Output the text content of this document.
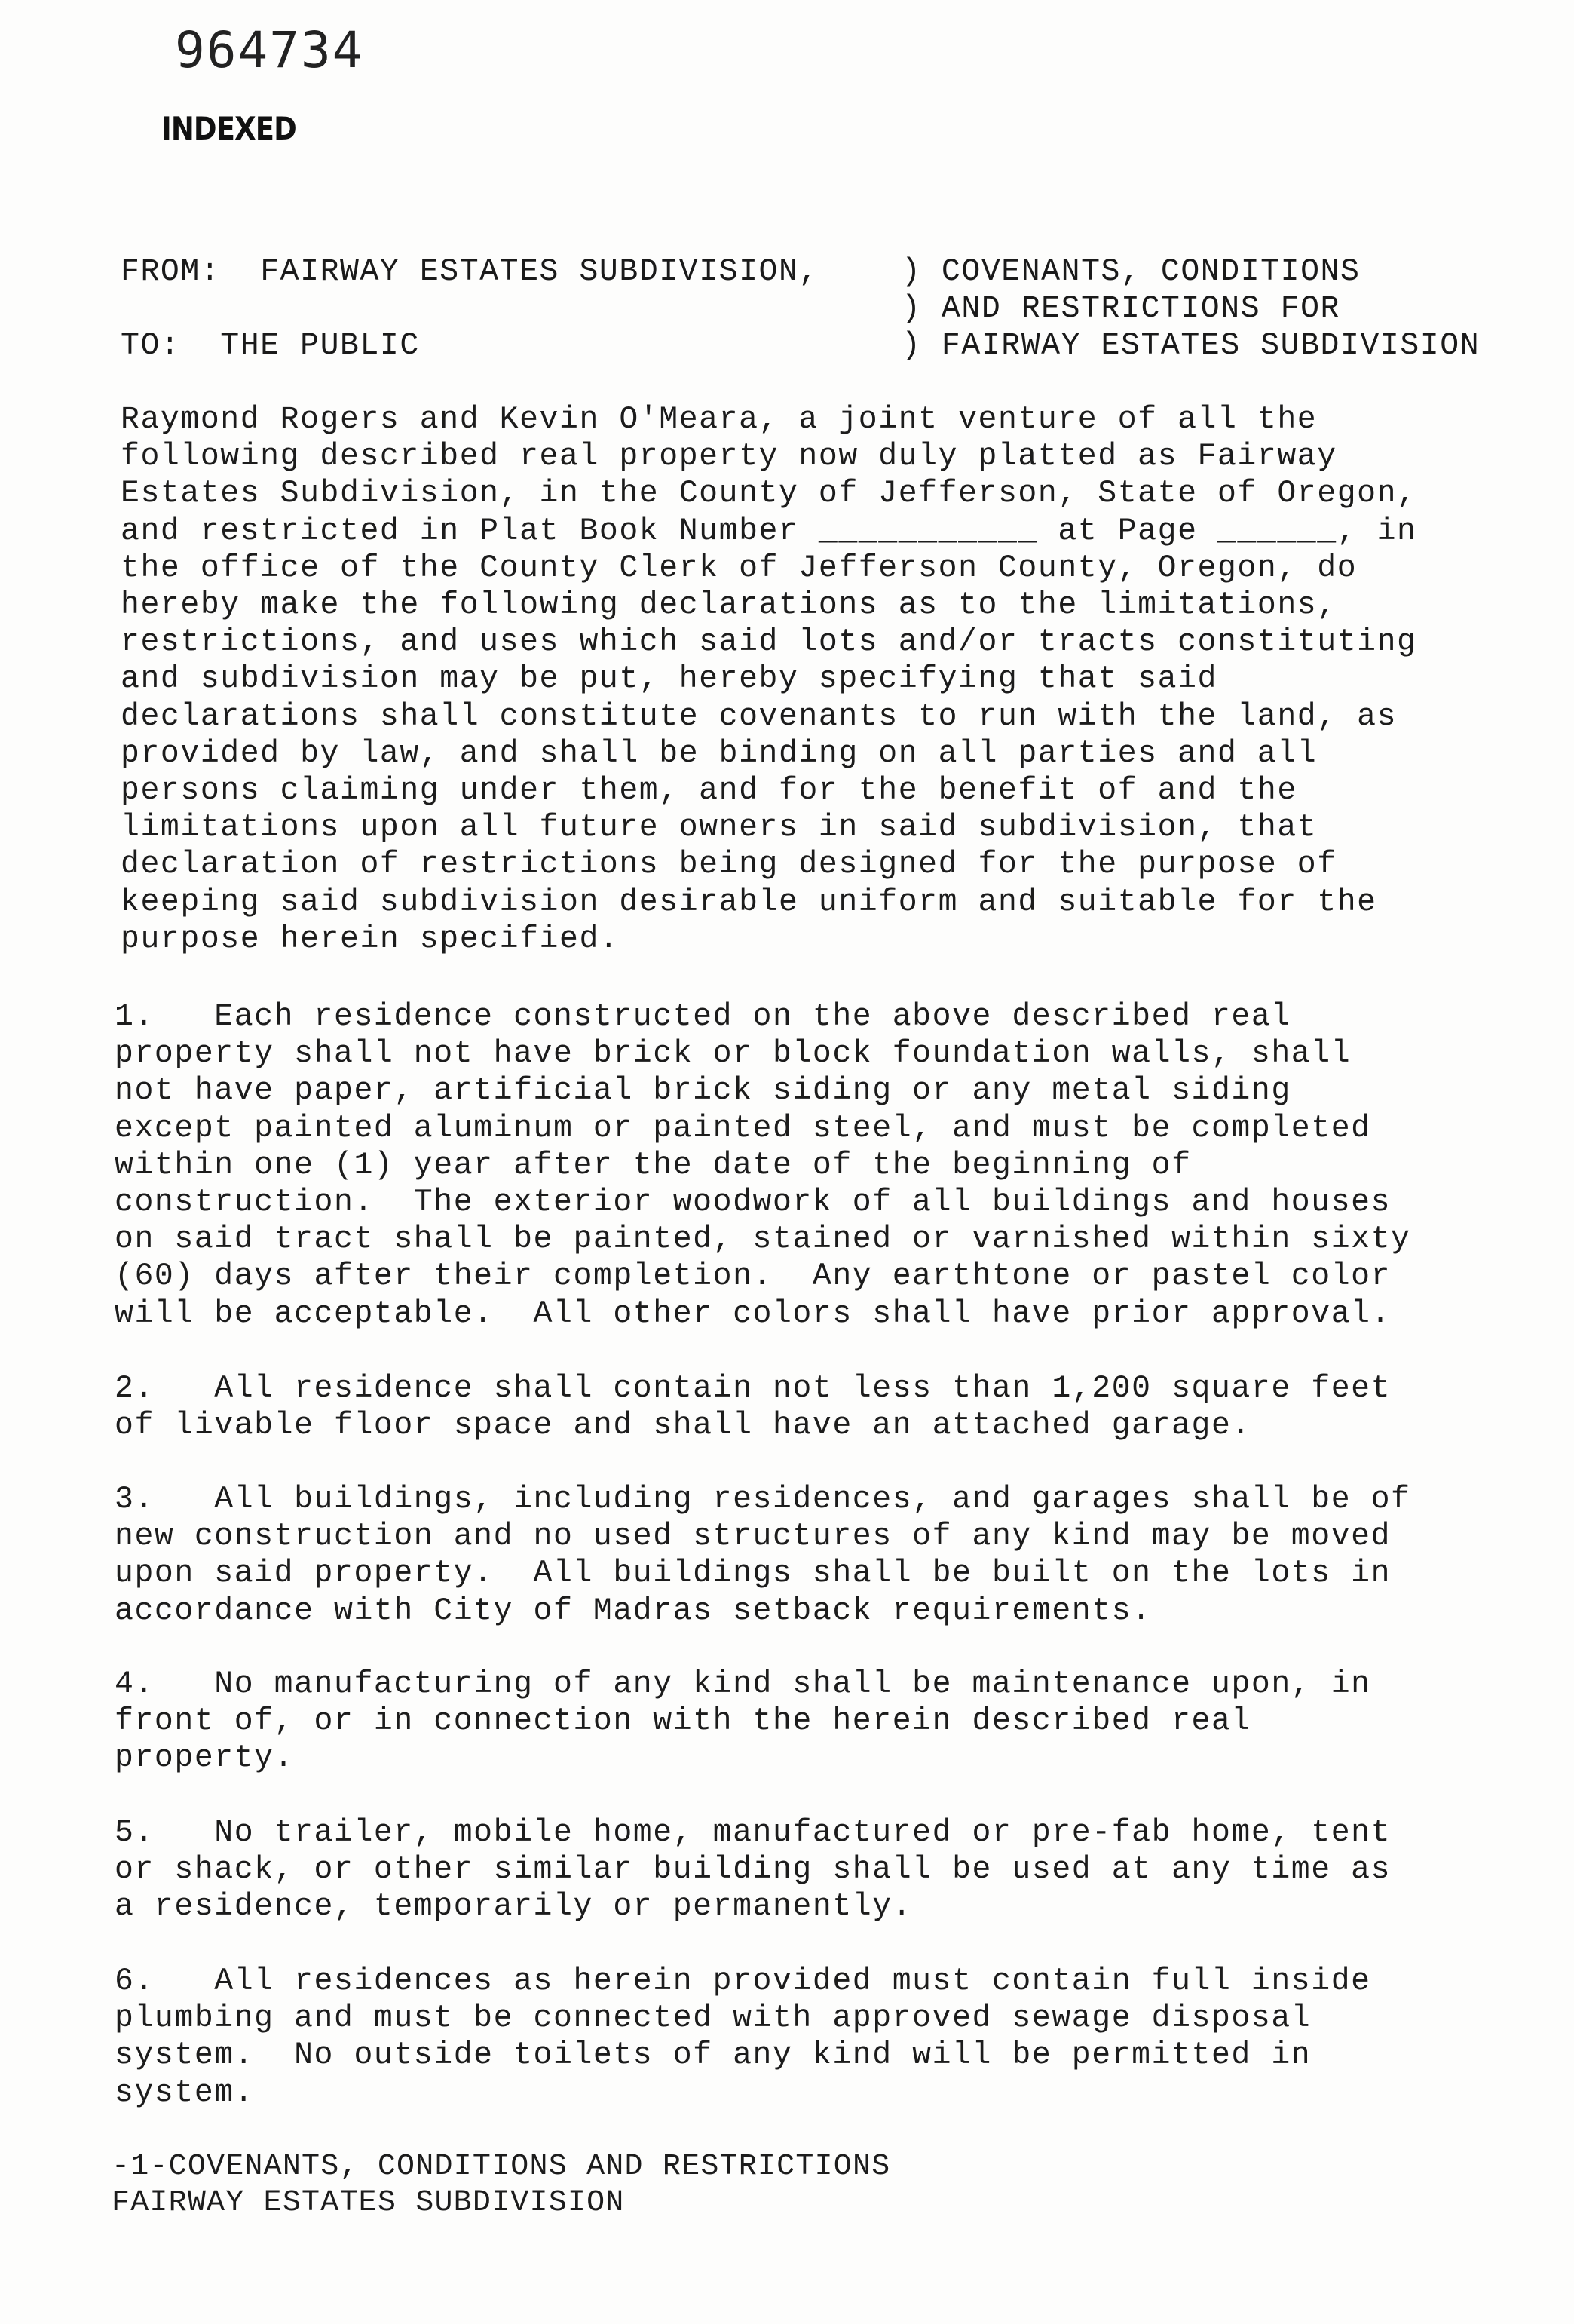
964734
INDEXED
FROM: FAIRWAY ESTATES SUBDIVISION,
TO: THE PUBLIC
) COVENANTS, CONDITIONS
) AND RESTRICTIONS FOR
) FAIRWAY ESTATES SUBDIVISION
Raymond Rogers and Kevin O'Meara, a joint venture of all the
following described real property now duly platted as Fairway
Estates Subdivision, in the County of Jefferson, State of Oregon,
and restricted in Plat Book Number ___________ at Page ______, in
the office of the County Clerk of Jefferson County, Oregon, do
hereby make the following declarations as to the limitations,
restrictions, and uses which said lots and/or tracts constituting
and subdivision may be put, hereby specifying that said
declarations shall constitute covenants to run with the land, as
provided by law, and shall be binding on all parties and all
persons claiming under them, and for the benefit of and the
limitations upon all future owners in said subdivision, that
declaration of restrictions being designed for the purpose of
keeping said subdivision desirable uniform and suitable for the
purpose herein specified.
1.   Each residence constructed on the above described real
property shall not have brick or block foundation walls, shall
not have paper, artificial brick siding or any metal siding
except painted aluminum or painted steel, and must be completed
within one (1) year after the date of the beginning of
construction.  The exterior woodwork of all buildings and houses
on said tract shall be painted, stained or varnished within sixty
(60) days after their completion.  Any earthtone or pastel color
will be acceptable.  All other colors shall have prior approval.
2.   All residence shall contain not less than 1,200 square feet
of livable floor space and shall have an attached garage.
3.   All buildings, including residences, and garages shall be of
new construction and no used structures of any kind may be moved
upon said property.  All buildings shall be built on the lots in
accordance with City of Madras setback requirements.
4.   No manufacturing of any kind shall be maintenance upon, in
front of, or in connection with the herein described real
property.
5.   No trailer, mobile home, manufactured or pre-fab home, tent
or shack, or other similar building shall be used at any time as
a residence, temporarily or permanently.
6.   All residences as herein provided must contain full inside
plumbing and must be connected with approved sewage disposal
system.  No outside toilets of any kind will be permitted in
system.
-1-COVENANTS, CONDITIONS AND RESTRICTIONS
FAIRWAY ESTATES SUBDIVISION
